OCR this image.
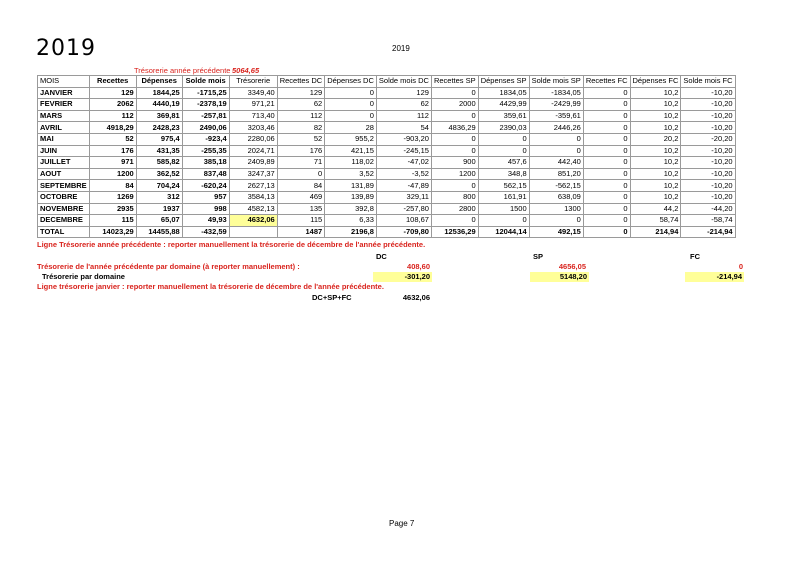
2019	2019
Trésorerie année précédente 5064,65
MOIS	Recettes	Dépenses	Solde mois	Trésorerie	Recettes DC	Dépenses DC	Solde mois DC	Recettes SP	Dépenses SP	Solde mois SP	Recettes FC	Dépenses FC	Solde mois FC
JANVIER	129	1844,25	-1715,25	3349,40	129	0	129	0	1834,05	-1834,05	0	10,2	-10,20
FEVRIER	2062	4440,19	-2378,19	971,21	62	0	62	2000	4429,99	-2429,99	0	10,2	-10,20
MARS	112	369,81	-257,81	713,40	112	0	112	0	359,61	-359,61	0	10,2	-10,20
AVRIL	4918,29	2428,23	2490,06	3203,46	82	28	54	4836,29	2390,03	2446,26	0	10,2	-10,20
MAI	52	975,4	-923,4	2280,06	52	955,2	-903,20	0	0	0	0	20,2	-20,20
JUIN	176	431,35	-255,35	2024,71	176	421,15	-245,15	0	0	0	0	10,2	-10,20
JUILLET	971	585,82	385,18	2409,89	71	118,02	-47,02	900	457,6	442,40	0	10,2	-10,20
AOUT	1200	362,52	837,48	3247,37	0	3,52	-3,52	1200	348,8	851,20	0	10,2	-10,20
SEPTEMBRE	84	704,24	-620,24	2627,13	84	131,89	-47,89	0	562,15	-562,15	0	10,2	-10,20
OCTOBRE	1269	312	957	3584,13	469	139,89	329,11	800	161,91	638,09	0	10,2	-10,20
NOVEMBRE	2935	1937	998	4582,13	135	392,8	-257,80	2800	1500	1300	0	44,2	-44,20
DECEMBRE	115	65,07	49,93	4632,06	115	6,33	108,67	0	0	0	0	58,74	-58,74
TOTAL	14023,29	14455,88	-432,59		1487	2196,8	-709,80	12536,29	12044,14	492,15	0	214,94	-214,94
Ligne Trésorerie année précédente : reporter manuellement la trésorerie de décembre de l'année précédente.
DC	SP	FC
Trésorerie de l'année précédente par domaine (à reporter manuellement) :	408,60	4656,05	0
Trésorerie par domaine	-301,20	5148,20	-214,94
Ligne trésorerie janvier : reporter manuellement la trésorerie de décembre de l'année précédente.
DC+SP+FC	4632,06
Page 7
